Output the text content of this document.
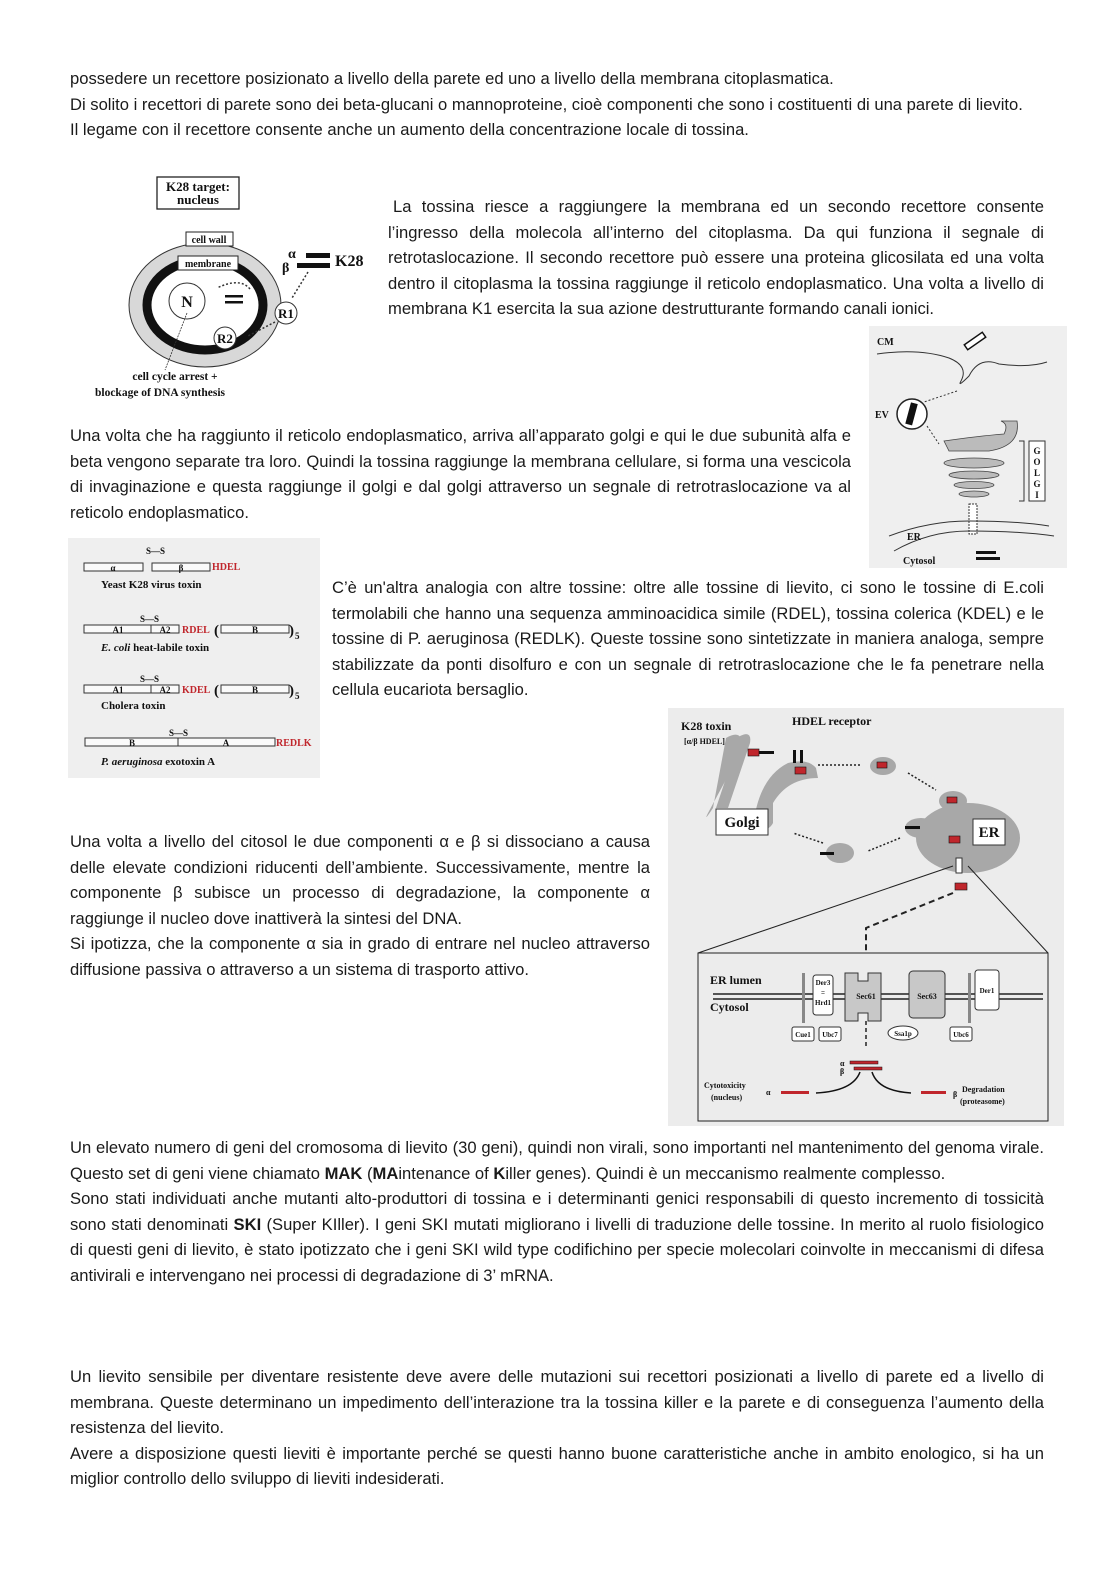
possedere un recettore posizionato a livello della parete ed uno a livello della membrana citoplasmatica.
Di solito i recettori di parete sono dei beta-glucani o mannoproteine, cioè componenti che sono i costituenti di una parete di lievito.
Il legame con il recettore consente anche un aumento della concentrazione locale di tossina.
K28 target:
nucleus
cell wall
membrane
N
α
β	K28
R1
R2
cell cycle arrest +
blockage of DNA synthesis

La tossina riesce a raggiungere la membrana ed un secondo recettore consente l’ingresso della molecola all’interno del citoplasma. Da qui funziona il segnale di retrotaslocazione. Il secondo recettore può essere una proteina glicosilata ed una volta dentro il citoplasma la tossina raggiunge il reticolo endoplasmatico. Una volta a livello di membrana K1 esercita la sua azione destrutturante formando canali ionici.

CM
EV
G
O
L
G
I
ER
Cytosol

Una volta che ha raggiunto il reticolo endoplasmatico, arriva all’apparato golgi e qui le due subunità alfa e beta vengono separate tra loro. Quindi la tossina raggiunge la membrana cellulare, si forma una vescicola di invaginazione e questa raggiunge il golgi e dal golgi attraverso un segnale di retrotraslocazione va al reticolo endoplasmatico.

S—S
α	β	HDEL
Yeast K28 virus toxin
S—S
A1	A2 RDEL (	B ) 5
E. coli heat-labile toxin
S—S
A1	A2 KDEL (	B ) 5
Cholera toxin
S—S
B	A	REDLK
P. aeruginosa exotoxin A

C’è un'altra analogia con altre tossine: oltre alle tossine di lievito, ci sono le tossine di E.coli termolabili che hanno una sequenza amminoacidica simile (RDEL), tossina colerica (KDEL) e le tossine di P. aeruginosa (REDLK). Queste tossine sono sintetizzate in maniera analoga, sempre stabilizzate da ponti disolfuro e con un segnale di retrotraslocazione che le fa penetrare nella cellula eucariota bersaglio.

Golgi
K28 toxin
[α/β HDEL]
HDEL receptor
ER
ER lumen
Cytosol
Der3
=
Hrd1
Sec61	Sec63
Der1
Cue1 Ubc7	Ssa1p	Ubc6
α
β
Cytotoxicity
(nucleus)
α	β
Degradation
(proteasome)
Una volta a livello del citosol le due componenti α e β si dissociano a causa delle elevate condizioni riducenti dell’ambiente. Successivamente, mentre la componente β subisce un processo di degradazione, la componente α raggiunge il nucleo dove inattiverà la sintesi del DNA.
Si ipotizza, che la componente α sia in grado di entrare nel nucleo attraverso diffusione passiva o attraverso a un sistema di trasporto attivo.
Un elevato numero di geni del cromosoma di lievito (30 geni), quindi non virali, sono importanti nel mantenimento del genoma virale. Questo set di geni viene chiamato MAK (MAintenance of Killer genes). Quindi è un meccanismo realmente complesso.
Sono stati individuati anche mutanti alto-produttori di tossina e i determinanti genici responsabili di questo incremento di tossicità sono stati denominati SKI (Super KIller). I geni SKI mutati migliorano i livelli di traduzione delle tossine. In merito al ruolo fisiologico di questi geni di lievito, è stato ipotizzato che i geni SKI wild type codifichino per specie molecolari coinvolte in meccanismi di difesa antivirali e intervengano nei processi di degradazione di 3’ mRNA.
Un lievito sensibile per diventare resistente deve avere delle mutazioni sui recettori posizionati a livello di parete ed a livello di membrana. Queste determinano un impedimento dell’interazione tra la tossina killer e la parete e di conseguenza l’aumento della resistenza del lievito.
Avere a disposizione questi lieviti è importante perché se questi hanno buone caratteristiche anche in ambito enologico, si ha un miglior controllo dello sviluppo di lieviti indesiderati.
